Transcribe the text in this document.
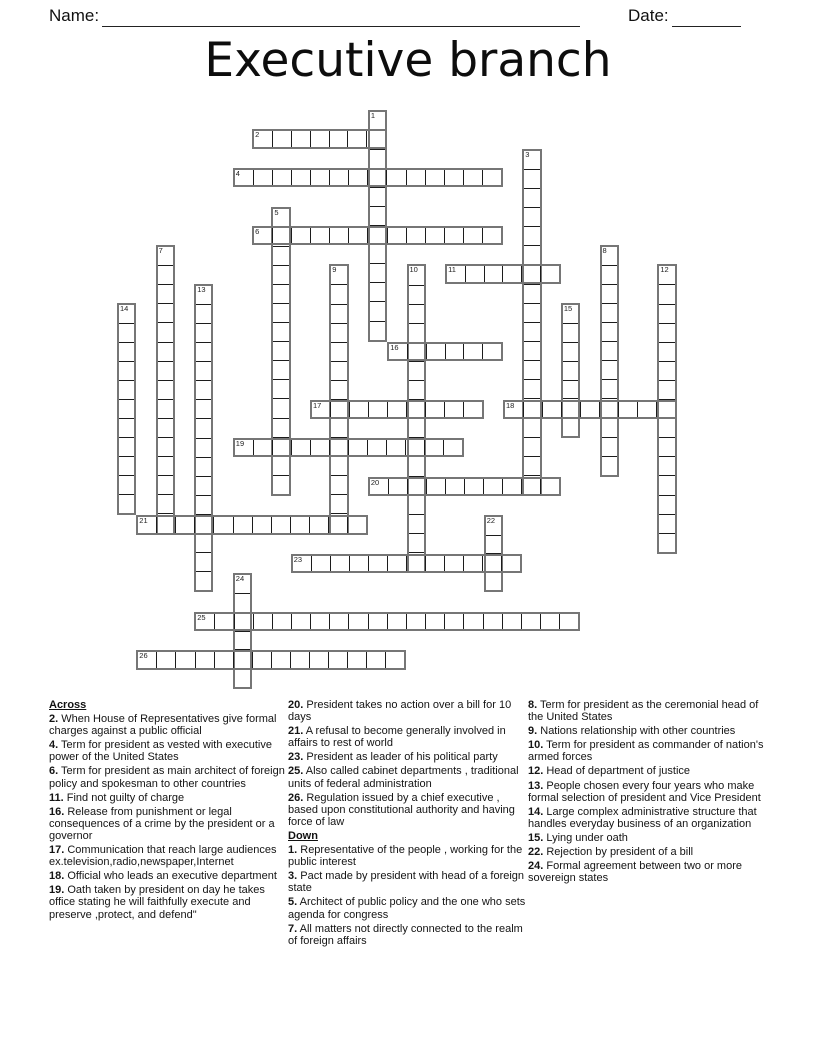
Name:	Date:
Executive branch
1
2
3
4
5
6
7	8
9	10	11	12
13
14	15
16
17	18
19
20
21	22
23
24
25
26
Across
2. When House of Representatives give formal charges against a public official
4. Term for president as vested with executive power of the United States
6. Term for president as main architect of foreign policy and spokesman to other countries
11. Find not guilty of charge
16. Release from punishment or legal consequences of a crime by the president or a governor
17. Communication that reach large audiences ex.television,radio,newspaper,Internet
18. Official who leads an executive department
19. Oath taken by president on day he takes office stating he will faithfully execute and preserve ,protect, and defend"
20. President takes no action over a bill for 10 days
21. A refusal to become generally involved in affairs to rest of world
23. President as leader of his political party
25. Also called cabinet departments , traditional units of federal administration
26. Regulation issued by a chief executive , based upon constitutional authority and having force of law
Down
1. Representative of the people , working for the public interest
3. Pact made by president with head of a foreign state
5. Architect of public policy and the one who sets agenda for congress
7. All matters not directly connected to the realm of foreign affairs
8. Term for president as the ceremonial head of the United States
9. Nations relationship with other countries
10. Term for president as commander of nation's armed forces
12. Head of department of justice
13. People chosen every four years who make formal selection of president and Vice President
14. Large complex administrative structure that handles everyday business of an organization
15. Lying under oath
22. Rejection by president of a bill
24. Formal agreement between two or more sovereign states
